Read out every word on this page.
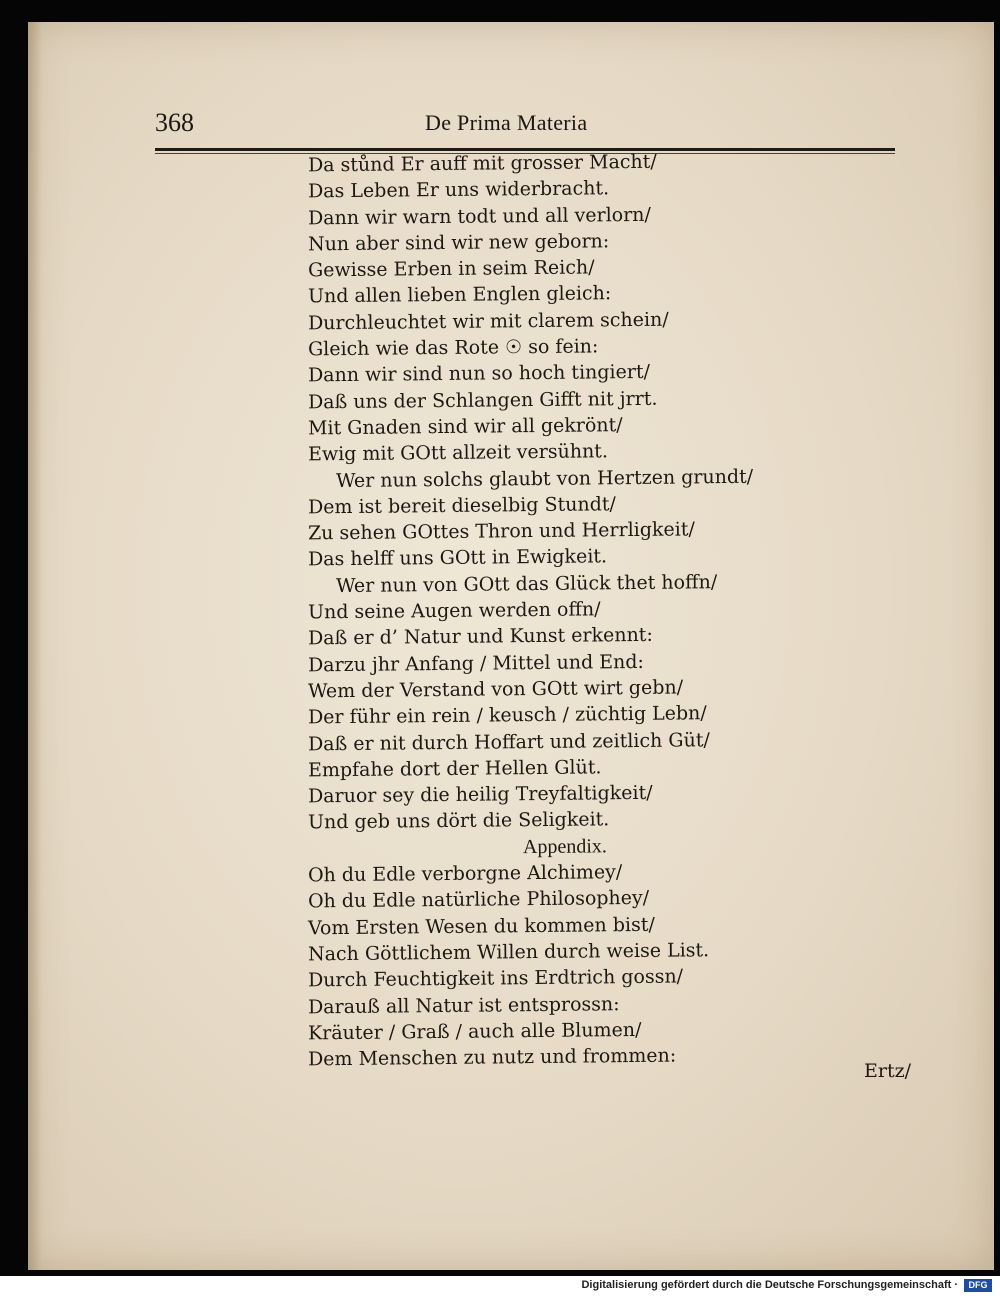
368	De Prima Materia
Da stůnd Er auff mit grosser Macht/
Das Leben Er uns widerbracht.
Dann wir warn todt und all verlorn/
Nun aber sind wir new geborn:
Gewisse Erben in seim Reich/
Und allen lieben Englen gleich:
Durchleuchtet wir mit clarem schein/
Gleich wie das Rote ☉ so fein:
Dann wir sind nun so hoch tingiert/
Daß uns der Schlangen Gifft nit jrrt.
Mit Gnaden sind wir all gekrönt/
Ewig mit GOtt allzeit versühnt.
Wer nun solchs glaubt von Hertzen grundt/
Dem ist bereit dieselbig Stundt/
Zu sehen GOttes Thron und Herrligkeit/
Das helff uns GOtt in Ewigkeit.
Wer nun von GOtt das Glück thet hoffn/
Und seine Augen werden offn/
Daß er d’ Natur und Kunst erkennt:
Darzu jhr Anfang / Mittel und End:
Wem der Verstand von GOtt wirt gebn/
Der führ ein rein / keusch / züchtig Lebn/
Daß er nit durch Hoffart und zeitlich Güt/
Empfahe dort der Hellen Glüt.
Daruor sey die heilig Treyfaltigkeit/
Und geb uns dört die Seligkeit.
Appendix.
Oh du Edle verborgne Alchimey/
Oh du Edle natürliche Philosophey/
Vom Ersten Wesen du kommen bist/
Nach Göttlichem Willen durch weise List.
Durch Feuchtigkeit ins Erdtrich gossn/
Darauß all Natur ist entsprossn:
Kräuter / Graß / auch alle Blumen/
Dem Menschen zu nutz und frommen:
Ertz/
Digitalisierung gefördert durch die Deutsche Forschungsgemeinschaft ·	DFG
